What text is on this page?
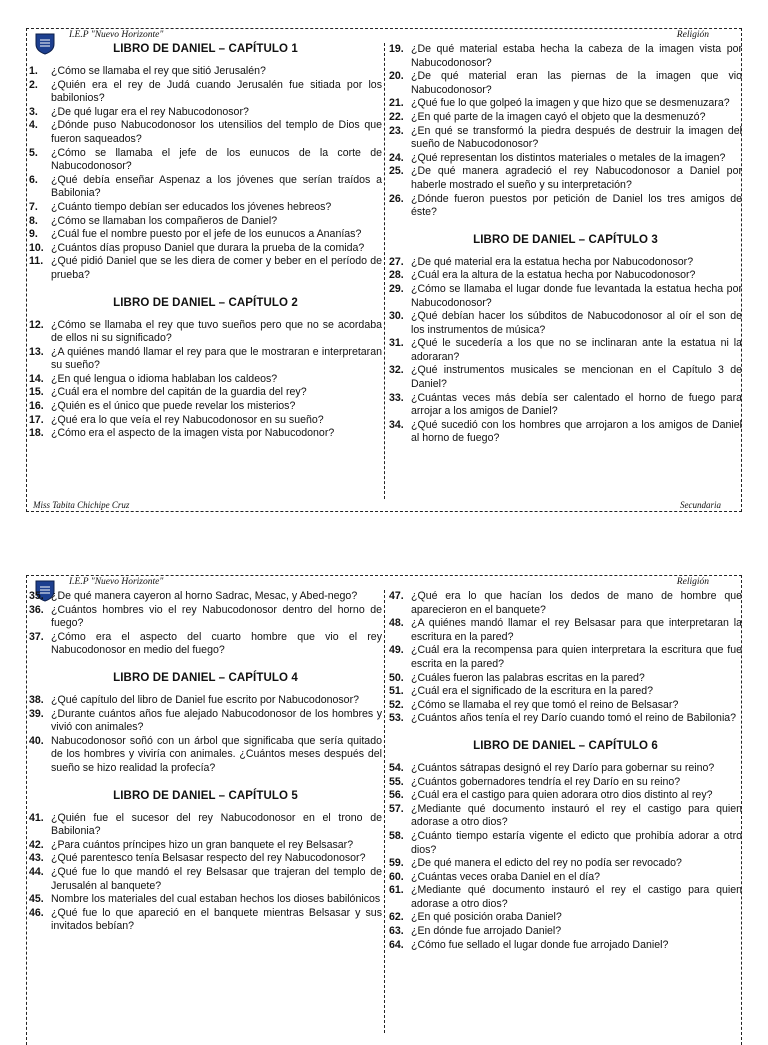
I.E.P "Nuevo Horizonte"	Religión
LIBRO DE DANIEL – CAPÍTULO 1
1.	¿Cómo se llamaba el rey que sitió Jerusalén?
2.	¿Quién era el rey de Judá cuando Jerusalén fue sitiada por los babilonios?
3.	¿De qué lugar era el rey Nabucodonosor?
4.	¿Dónde puso Nabucodonosor los utensilios del templo de Dios que fueron saqueados?
5.	¿Cómo se llamaba el jefe de los eunucos de la corte de Nabucodonosor?
6.	¿Qué debía enseñar Aspenaz a los jóvenes que serían traídos a Babilonia?
7.	¿Cuánto tiempo debían ser educados los jóvenes hebreos?
8.	¿Cómo se llamaban los compañeros de Daniel?
9.	¿Cuál fue el nombre puesto por el jefe de los eunucos a Ananías?
10. ¿Cuántos días propuso Daniel que durara la prueba de la comida?
11. ¿Qué pidió Daniel que se les diera de comer y beber en el período de prueba?
LIBRO DE DANIEL – CAPÍTULO 2
12. ¿Cómo se llamaba el rey que tuvo sueños pero que no se acordaba de ellos ni su significado?
13. ¿A quiénes mandó llamar el rey para que le mostraran e interpretaran su sueño?
14. ¿En qué lengua o idioma hablaban los caldeos?
15. ¿Cuál era el nombre del capitán de la guardia del rey?
16. ¿Quién es el único que puede revelar los misterios?
17. ¿Qué era lo que veía el rey Nabucodonosor en su sueño?
18. ¿Cómo era el aspecto de la imagen vista por Nabucodonor?
19. ¿De qué material estaba hecha la cabeza de la imagen vista por Nabucodonosor?
20. ¿De qué material eran las piernas de la imagen que vio Nabucodonosor?
21. ¿Qué fue lo que golpeó la imagen y que hizo que se desmenuzara?
22. ¿En qué parte de la imagen cayó el objeto que la desmenuzó?
23. ¿En qué se transformó la piedra después de destruir la imagen del sueño de Nabucodonosor?
24. ¿Qué representan los distintos materiales o metales de la imagen?
25. ¿De qué manera agradeció el rey Nabucodonosor a Daniel por haberle mostrado el sueño y su interpretación?
26. ¿Dónde fueron puestos por petición de Daniel los tres amigos de éste?
LIBRO DE DANIEL – CAPÍTULO 3
27. ¿De qué material era la estatua hecha por Nabucodonosor?
28. ¿Cuál era la altura de la estatua hecha por Nabucodonosor?
29. ¿Cómo se llamaba el lugar donde fue levantada la estatua hecha por Nabucodonosor?
30. ¿Qué debían hacer los súbditos de Nabucodonosor al oír el son de los instrumentos de música?
31. ¿Qué le sucedería a los que no se inclinaran ante la estatua ni la adoraran?
32. ¿Qué instrumentos musicales se mencionan en el Capítulo 3 de Daniel?
33. ¿Cuántas veces más debía ser calentado el horno de fuego para arrojar a los amigos de Daniel?
34. ¿Qué sucedió con los hombres que arrojaron a los amigos de Daniel al horno de fuego?
Miss Tabita Chichipe Cruz	Secundaria
I.E.P "Nuevo Horizonte"	Religión
35. ¿De qué manera cayeron al horno Sadrac, Mesac, y Abed-nego?
36. ¿Cuántos hombres vio el rey Nabucodonosor dentro del horno de fuego?
37. ¿Cómo era el aspecto del cuarto hombre que vio el rey Nabucodonosor en medio del fuego?
LIBRO DE DANIEL – CAPÍTULO 4
38. ¿Qué capítulo del libro de Daniel fue escrito por Nabucodonosor?
39. ¿Durante cuántos años fue alejado Nabucodonosor de los hombres y vivió con animales?
40. Nabucodonosor soñó con un árbol que significaba que sería quitado de los hombres y viviría con animales. ¿Cuántos meses después del sueño se hizo realidad la profecía?
LIBRO DE DANIEL – CAPÍTULO 5
41. ¿Quién fue el sucesor del rey Nabucodonosor en el trono de Babilonia?
42. ¿Para cuántos príncipes hizo un gran banquete el rey Belsasar?
43. ¿Qué parentesco tenía Belsasar respecto del rey Nabucodonosor?
44. ¿Qué fue lo que mandó el rey Belsasar que trajeran del templo de Jerusalén al banquete?
45. Nombre los materiales del cual estaban hechos los dioses babilónicos
46. ¿Qué fue lo que apareció en el banquete mientras Belsasar y sus invitados bebían?
47. ¿Qué era lo que hacían los dedos de mano de hombre que aparecieron en el banquete?
48. ¿A quiénes mandó llamar el rey Belsasar para que interpretaran la escritura en la pared?
49. ¿Cuál era la recompensa para quien interpretara la escritura que fue escrita en la pared?
50. ¿Cuáles fueron las palabras escritas en la pared?
51. ¿Cuál era el significado de la escritura en la pared?
52. ¿Cómo se llamaba el rey que tomó el reino de Belsasar?
53. ¿Cuántos años tenía el rey Darío cuando tomó el reino de Babilonia?
LIBRO DE DANIEL – CAPÍTULO 6
54. ¿Cuántos sátrapas designó el rey Darío para gobernar su reino?
55. ¿Cuántos gobernadores tendría el rey Darío en su reino?
56. ¿Cuál era el castigo para quien adorara otro dios distinto al rey?
57. ¿Mediante qué documento instauró el rey el castigo para quien adorase a otro dios?
58. ¿Cuánto tiempo estaría vigente el edicto que prohibía adorar a otro dios?
59. ¿De qué manera el edicto del rey no podía ser revocado?
60. ¿Cuántas veces oraba Daniel en el día?
61. ¿Mediante qué documento instauró el rey el castigo para quien adorase a otro dios?
62. ¿En qué posición oraba Daniel?
63. ¿En dónde fue arrojado Daniel?
64. ¿Cómo fue sellado el lugar donde fue arrojado Daniel?
